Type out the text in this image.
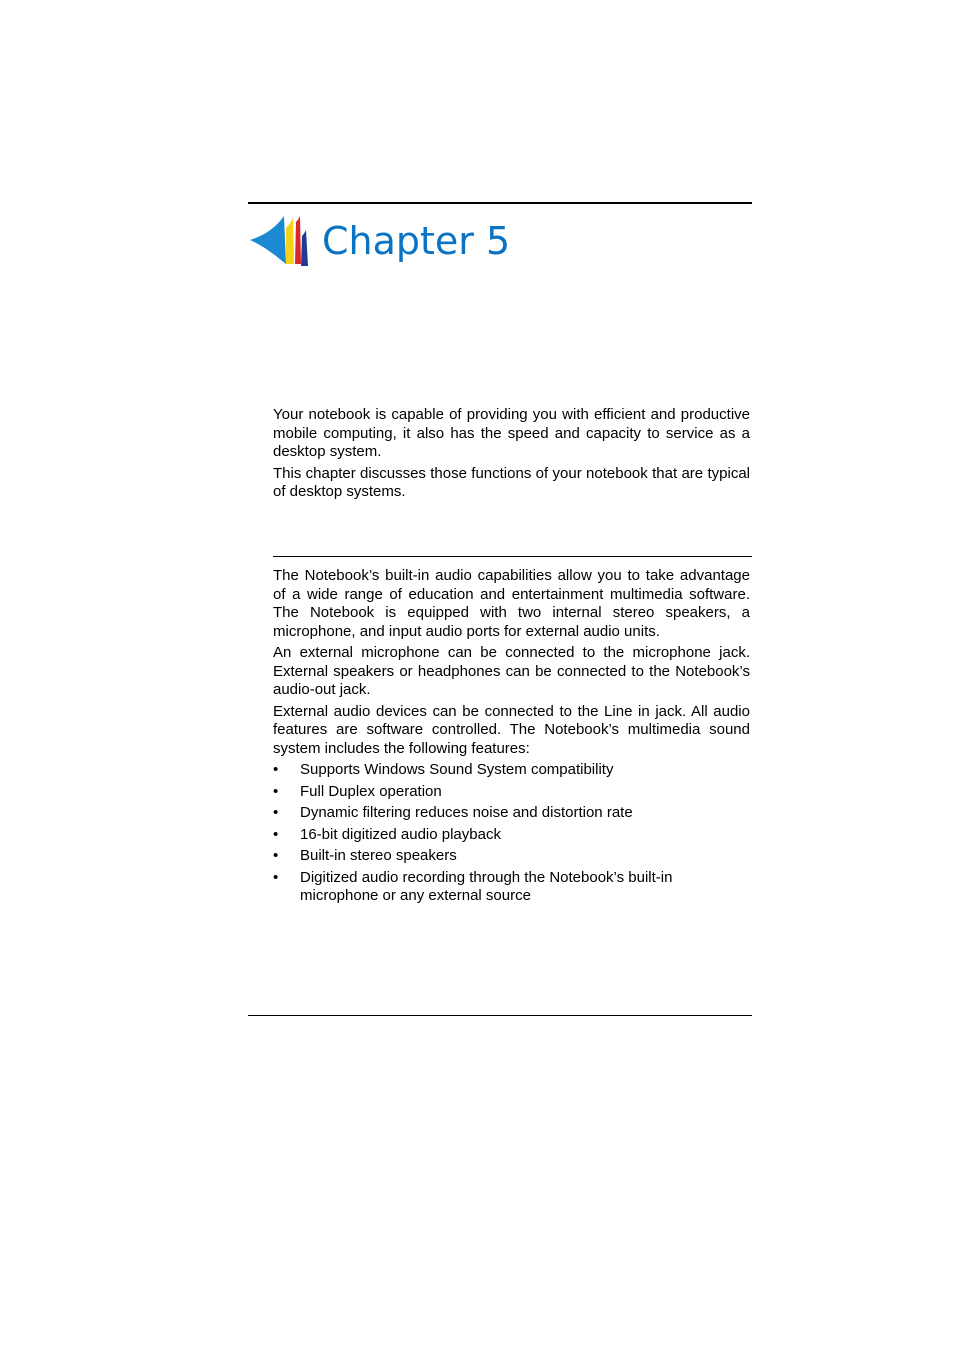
Chapter 5

Your notebook is capable of providing you with efficient and productive mobile computing, it also has the speed and capacity to service as a desktop system.

This chapter discusses those functions of your notebook that are typical of desktop systems.

The Notebook’s built-in audio capabilities allow you to take advantage of a wide range of education and entertainment multimedia software. The Notebook is equipped with two internal stereo speakers, a microphone, and input audio ports for external audio units.

An external microphone can be connected to the microphone jack. External speakers or headphones can be connected to the Notebook’s audio-out jack.

External audio devices can be connected to the Line in jack. All audio features are software controlled. The Notebook’s multimedia sound system includes the following features:

•	Supports Windows Sound System compatibility
•	Full Duplex operation
•	Dynamic filtering reduces noise and distortion rate
•	16-bit digitized audio playback
•	Built-in stereo speakers
•	Digitized audio recording through the Notebook’s built-in microphone or any external source
